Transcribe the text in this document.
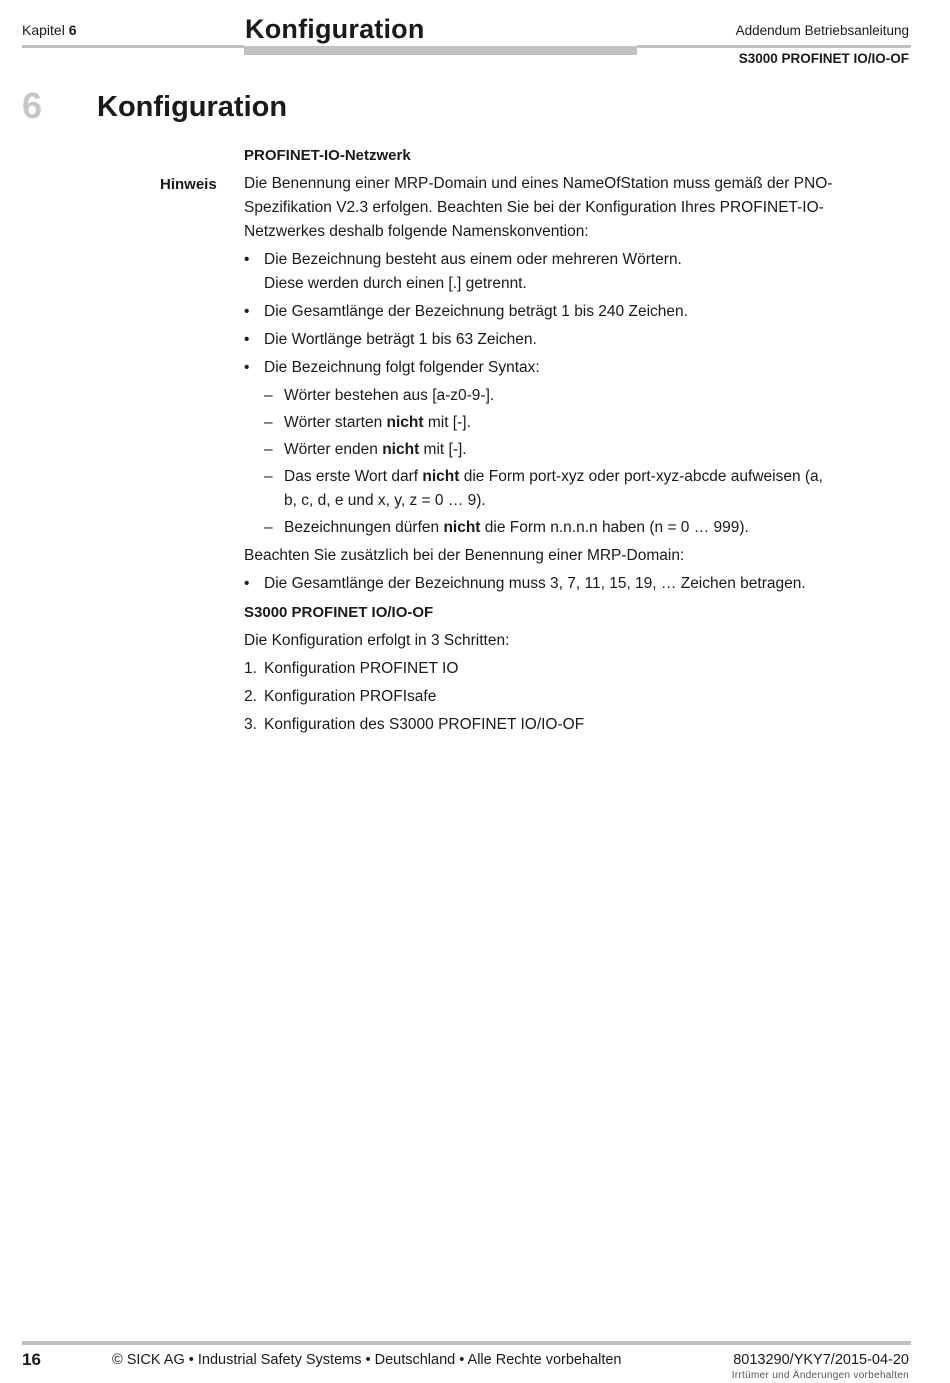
Kapitel 6	Konfiguration	Addendum Betriebsanleitung
S3000 PROFINET IO/IO-OF
6 Konfiguration
Hinweis
PROFINET-IO-Netzwerk

Die Benennung einer MRP-Domain und eines NameOfStation muss gemäß der PNO-Spezifikation V2.3 erfolgen. Beachten Sie bei der Konfiguration Ihres PROFINET-IO-Netzwerkes deshalb folgende Namenskonvention:

• Die Bezeichnung besteht aus einem oder mehreren Wörtern.
Diese werden durch einen [.] getrennt.
• Die Gesamtlänge der Bezeichnung beträgt 1 bis 240 Zeichen.
• Die Wortlänge beträgt 1 bis 63 Zeichen.
• Die Bezeichnung folgt folgender Syntax:
– Wörter bestehen aus [a-z0-9-].
– Wörter starten nicht mit [-].
– Wörter enden nicht mit [-].
– Das erste Wort darf nicht die Form port-xyz oder port-xyz-abcde aufweisen (a, b, c, d, e und x, y, z = 0 … 9).
– Bezeichnungen dürfen nicht die Form n.n.n.n haben (n = 0 … 999).

Beachten Sie zusätzlich bei der Benennung einer MRP-Domain:

• Die Gesamtlänge der Bezeichnung muss 3, 7, 11, 15, 19, … Zeichen betragen.
S3000 PROFINET IO/IO-OF

Die Konfiguration erfolgt in 3 Schritten:

1. Konfiguration PROFINET IO
2. Konfiguration PROFIsafe
3. Konfiguration des S3000 PROFINET IO/IO-OF
16	© SICK AG • Industrial Safety Systems • Deutschland • Alle Rechte vorbehalten	8013290/YKY7/2015-04-20
Irrtümer und Änderungen vorbehalten
